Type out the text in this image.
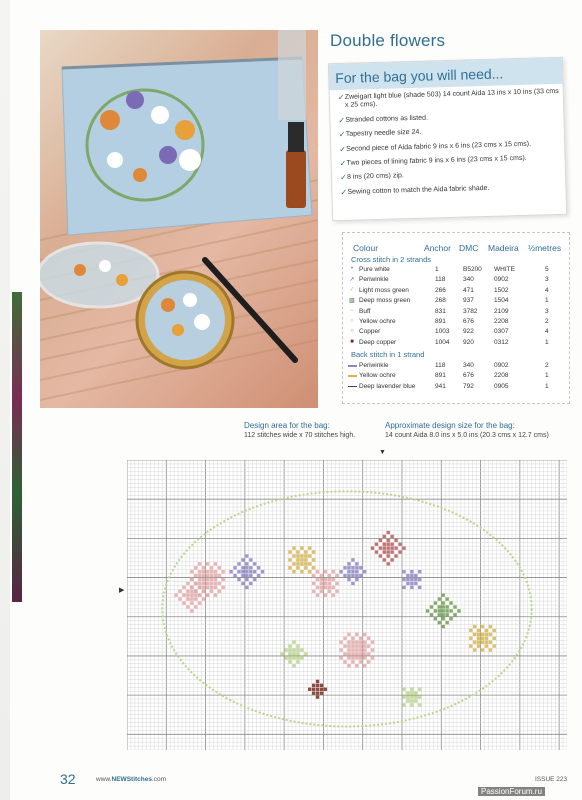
Double flowers
For the bag you will need...
✓ Zweigart light blue (shade 503) 14 count Aida 13 ins x 10 ins (33 cms x 25 cms).
✓ Stranded cottons as listed.
✓ Tapestry needle size 24.
✓ Second piece of Aida fabric 9 ins x 6 ins (23 cms x 15 cms).
✓ Two pieces of lining fabric 9 ins x 6 ins (23 cms x 15 cms).
✓ 8 ins (20 cms) zip.
✓ Sewing cotton to match the Aida fabric shade.
Colour	Anchor DMC Madeira ½metres
Cross stitch in 2 strands
• Pure white	1	B5200 WHITE	5
↗ Periwinkle	118	340	0902	3
∕	Light moss green	266	471	1502	4
▧ Deep moss green	268	937	1504	1
− Buff	831	3782	2109	3
○ Yellow ochre	891	676	2208	2
○ Copper	1003 922	0307	4
■ Deep copper	1004 920	0312	1
Back stitch in 1 strand
Periwinkle	118	340	0902	2
Yellow ochre	891	676	2208	1
Deep lavender blue	941	792	0905	1
Design area for the bag:
112 stitches wide x 70 stitches high.
Approximate design size for the bag:
14 count Aida 8.0 ins x 5.0 ins (20.3 cms x 12.7 cms)
▼
▶
32	www.NEWStitches.com	ISSUE 223
PassionForum.ru
